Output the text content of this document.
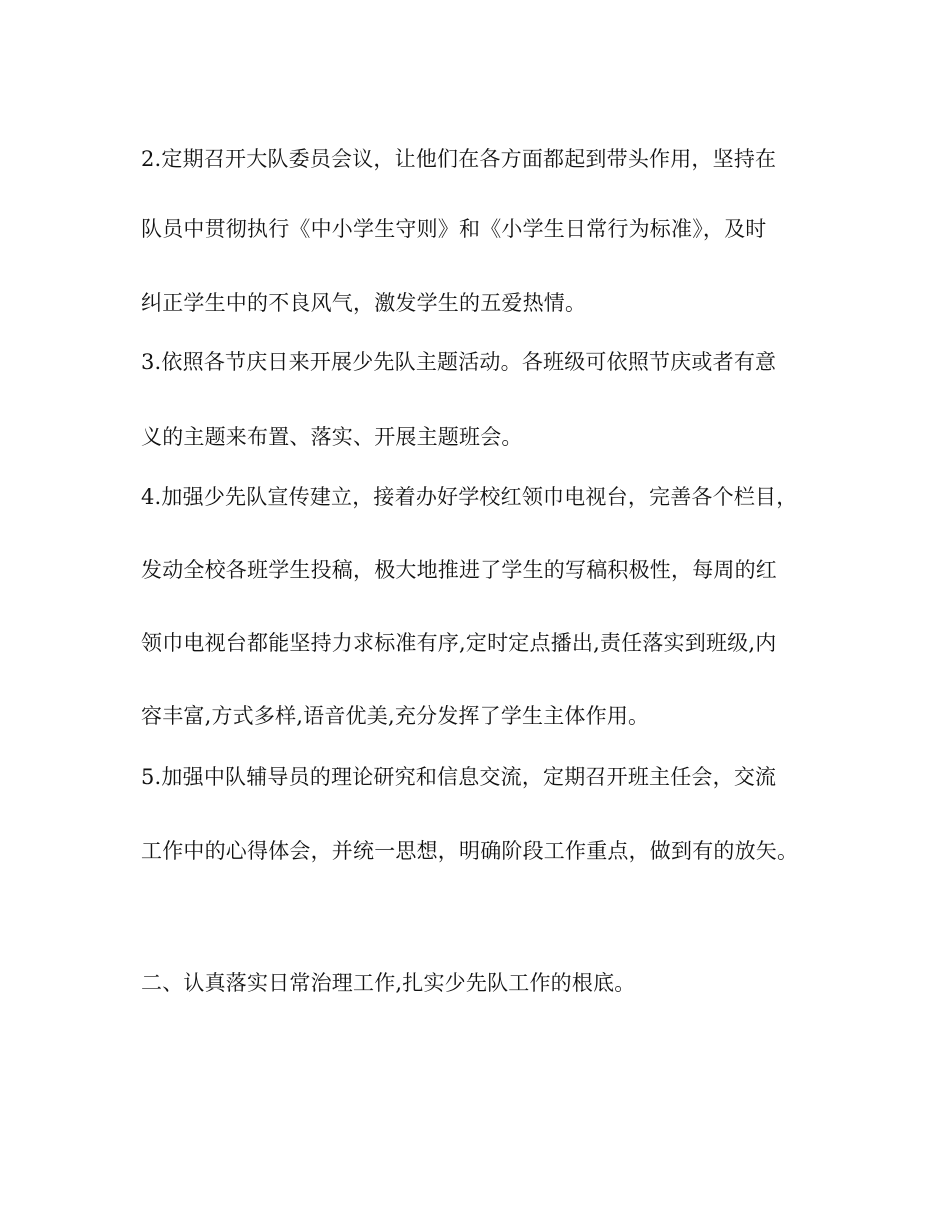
2.定期召开大队委员会议，让他们在各方面都起到带头作用，坚持在
队员中贯彻执行《中小学生守则》和《小学生日常行为标准》，及时
纠正学生中的不良风气，激发学生的五爱热情。
3.依照各节庆日来开展少先队主题活动。各班级可依照节庆或者有意
义的主题来布置、落实、开展主题班会。
4.加强少先队宣传建立，接着办好学校红领巾电视台，完善各个栏目，
发动全校各班学生投稿，极大地推进了学生的写稿积极性，每周的红
领巾电视台都能坚持力求标准有序,定时定点播出,责任落实到班级,内
容丰富,方式多样,语音优美,充分发挥了学生主体作用。
5.加强中队辅导员的理论研究和信息交流，定期召开班主任会，交流
工作中的心得体会，并统一思想，明确阶段工作重点，做到有的放矢。
二、认真落实日常治理工作,扎实少先队工作的根底。
